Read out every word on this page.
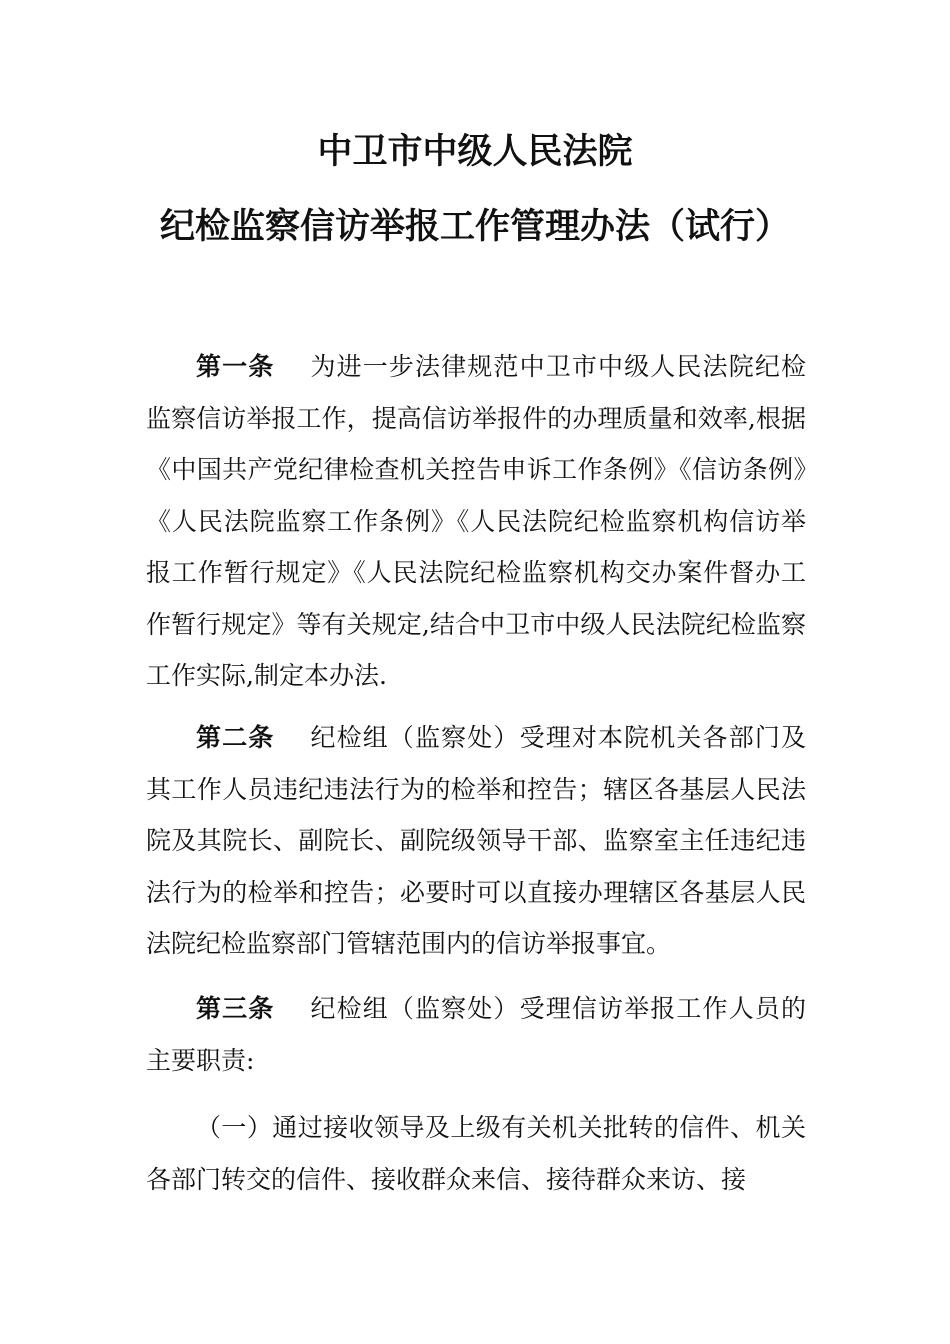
中卫市中级人民法院
纪检监察信访举报工作管理办法（试行）

第一条 为进一步法律规范中卫市中级人民法院纪检监察信访举报工作，提高信访举报件的办理质量和效率,根据《中国共产党纪律检查机关控告申诉工作条例》《信访条例》《人民法院监察工作条例》《人民法院纪检监察机构信访举报工作暂行规定》《人民法院纪检监察机构交办案件督办工作暂行规定》等有关规定,结合中卫市中级人民法院纪检监察工作实际,制定本办法.

第二条 纪检组（监察处）受理对本院机关各部门及其工作人员违纪违法行为的检举和控告；辖区各基层人民法院及其院长、副院长、副院级领导干部、监察室主任违纪违法行为的检举和控告；必要时可以直接办理辖区各基层人民法院纪检监察部门管辖范围内的信访举报事宜。

第三条 纪检组（监察处）受理信访举报工作人员的主要职责:

（一）通过接收领导及上级有关机关批转的信件、机关各部门转交的信件、接收群众来信、接待群众来访、接
